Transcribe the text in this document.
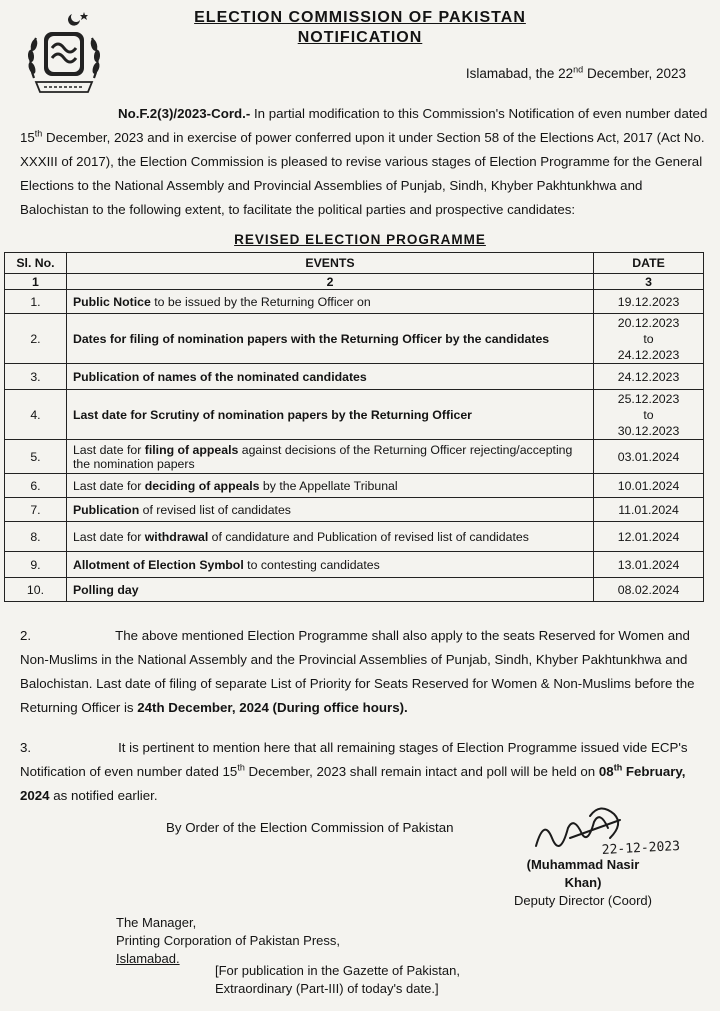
ELECTION COMMISSION OF PAKISTAN
NOTIFICATION
Islamabad, the 22nd December, 2023
No.F.2(3)/2023-Cord.- In partial modification to this Commission's Notification of even number dated 15th December, 2023 and in exercise of power conferred upon it under Section 58 of the Elections Act, 2017 (Act No. XXXIII of 2017), the Election Commission is pleased to revise various stages of Election Programme for the General Elections to the National Assembly and Provincial Assemblies of Punjab, Sindh, Khyber Pakhtunkhwa and Balochistan to the following extent, to facilitate the political parties and prospective candidates:
REVISED ELECTION PROGRAMME
Sl. No.	EVENTS	DATE
1	2	3
1.	Public Notice to be issued by the Returning Officer on	19.12.2023

2.	Dates for filing of nomination papers with the Returning Officer by the candidates	20.12.2023
to
24.12.2023

3.	Publication of names of the nominated candidates	24.12.2023

4.	Last date for Scrutiny of nomination papers by the Returning Officer	25.12.2023
to
30.12.2023

5.	Last date for filing of appeals against decisions of the Returning Officer rejecting/accepting the nomination papers	03.01.2024

6.	Last date for deciding of appeals by the Appellate Tribunal	10.01.2024

7.	Publication of revised list of candidates	11.01.2024

8.	Last date for withdrawal of candidature and Publication of revised list of candidates	12.01.2024

9.	Allotment of Election Symbol to contesting candidates	13.01.2024

10.	Polling day	08.02.2024
2.	The above mentioned Election Programme shall also apply to the seats Reserved for Women and Non-Muslims in the National Assembly and the Provincial Assemblies of Punjab, Sindh, Khyber Pakhtunkhwa and Balochistan. Last date of filing of separate List of Priority for Seats Reserved for Women & Non-Muslims before the Returning Officer is 24th December, 2024 (During office hours).
3.	It is pertinent to mention here that all remaining stages of Election Programme issued vide ECP's Notification of even number dated 15th December, 2023 shall remain intact and poll will be held on 08th February, 2024 as notified earlier.
By Order of the Election Commission of Pakistan
22-12-2023
(Muhammad Nasir Khan)
Deputy Director (Coord)
The Manager,
Printing Corporation of Pakistan Press,
Islamabad.
[For publication in the Gazette of Pakistan,
Extraordinary (Part-III) of today's date.]
